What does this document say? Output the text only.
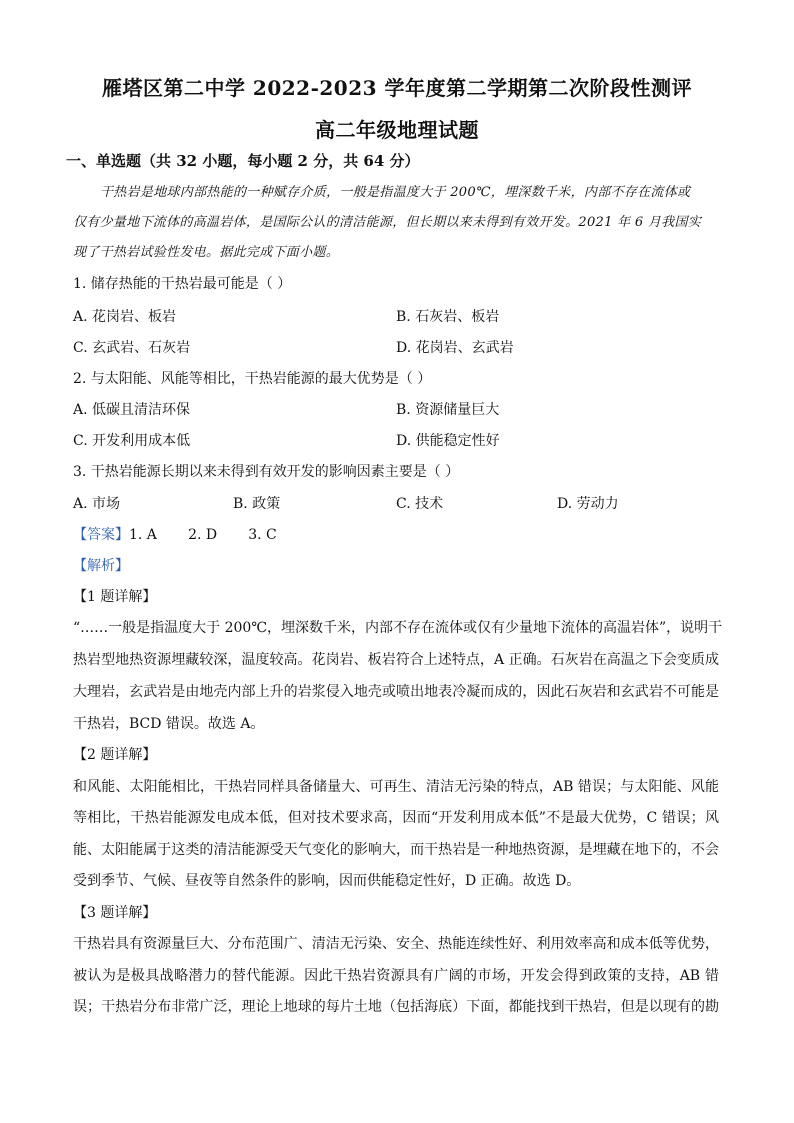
雁塔区第二中学 2022-2023 学年度第二学期第二次阶段性测评
高二年级地理试题
一、单选题（共 32 小题，每小题 2 分，共 64 分）
干热岩是地球内部热能的一种赋存介质，一般是指温度大于 200℃，埋深数千米，内部不存在流体或
仅有少量地下流体的高温岩体，是国际公认的清洁能源，但长期以来未得到有效开发。2021 年 6 月我国实
现了干热岩试验性发电。据此完成下面小题。
1. 储存热能的干热岩最可能是（ ）
A. 花岗岩、板岩	B. 石灰岩、板岩
C. 玄武岩、石灰岩	D. 花岗岩、玄武岩
2. 与太阳能、风能等相比，干热岩能源的最大优势是（ ）
A. 低碳且清洁环保	B. 资源储量巨大
C. 开发利用成本低	D. 供能稳定性好
3. 干热岩能源长期以来未得到有效开发的影响因素主要是（ ）
A. 市场	B. 政策	C. 技术	D. 劳动力
【答案】1. A       2. D       3. C
【解析】
【1 题详解】
“……一般是指温度大于 200℃，埋深数千米，内部不存在流体或仅有少量地下流体的高温岩体”，说明干
热岩型地热资源埋藏较深，温度较高。花岗岩、板岩符合上述特点，A 正确。石灰岩在高温之下会变质成
大理岩，玄武岩是由地壳内部上升的岩浆侵入地壳或喷出地表冷凝而成的，因此石灰岩和玄武岩不可能是
干热岩，BCD 错误。故选 A。
【2 题详解】
和风能、太阳能相比，干热岩同样具备储量大、可再生、清洁无污染的特点，AB 错误；与太阳能、风能
等相比，干热岩能源发电成本低，但对技术要求高，因而“开发利用成本低”不是最大优势，C 错误；风
能、太阳能属于这类的清洁能源受天气变化的影响大，而干热岩是一种地热资源，是埋藏在地下的，不会
受到季节、气候、昼夜等自然条件的影响，因而供能稳定性好，D 正确。故选 D。
【3 题详解】
干热岩具有资源量巨大、分布范围广、清洁无污染、安全、热能连续性好、利用效率高和成本低等优势，
被认为是极具战略潜力的替代能源。因此干热岩资源具有广阔的市场，开发会得到政策的支持，AB 错
误；干热岩分布非常广泛，理论上地球的每片土地（包括海底）下面，都能找到干热岩，但是以现有的勘
